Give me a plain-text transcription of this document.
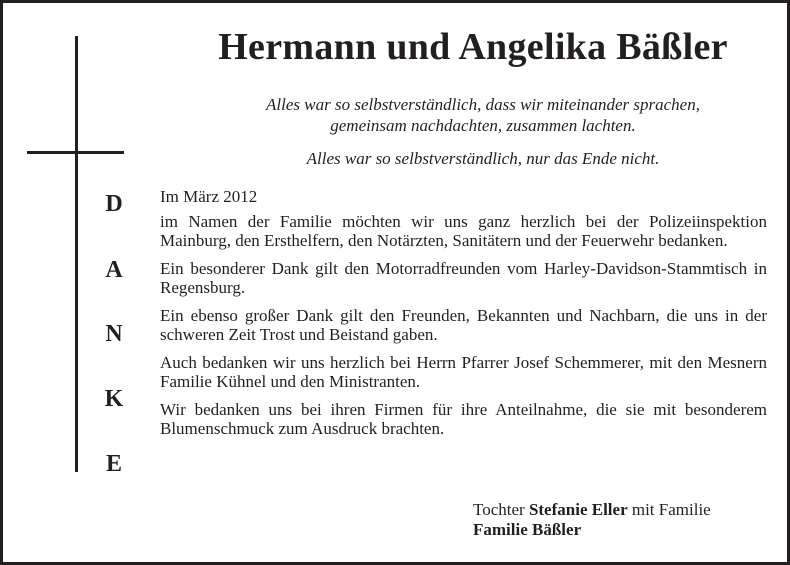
Hermann und Angelika Bäßler
Alles war so selbstverständlich, dass wir miteinander sprachen,
gemeinsam nachdachten, zusammen lachten.
Alles war so selbstverständlich, nur das Ende nicht.
D
A
N
K
E

Im März 2012

im Namen der Familie möchten wir uns ganz herzlich bei der Polizeiinspektion Mainburg, den Ersthelfern, den Notärzten, Sanitätern und der Feuerwehr bedanken.

Ein besonderer Dank gilt den Motorradfreunden vom Harley-Davidson-Stammtisch in Regensburg.

Ein ebenso großer Dank gilt den Freunden, Bekannten und Nachbarn, die uns in der schweren Zeit Trost und Beistand gaben.

Auch bedanken wir uns herzlich bei Herrn Pfarrer Josef Schemmerer, mit den Mesnern Familie Kühnel und den Ministranten.

Wir bedanken uns bei ihren Firmen für ihre Anteilnahme, die sie mit besonderem Blumenschmuck zum Ausdruck brachten.

Tochter Stefanie Eller mit Familie
Familie Bäßler
